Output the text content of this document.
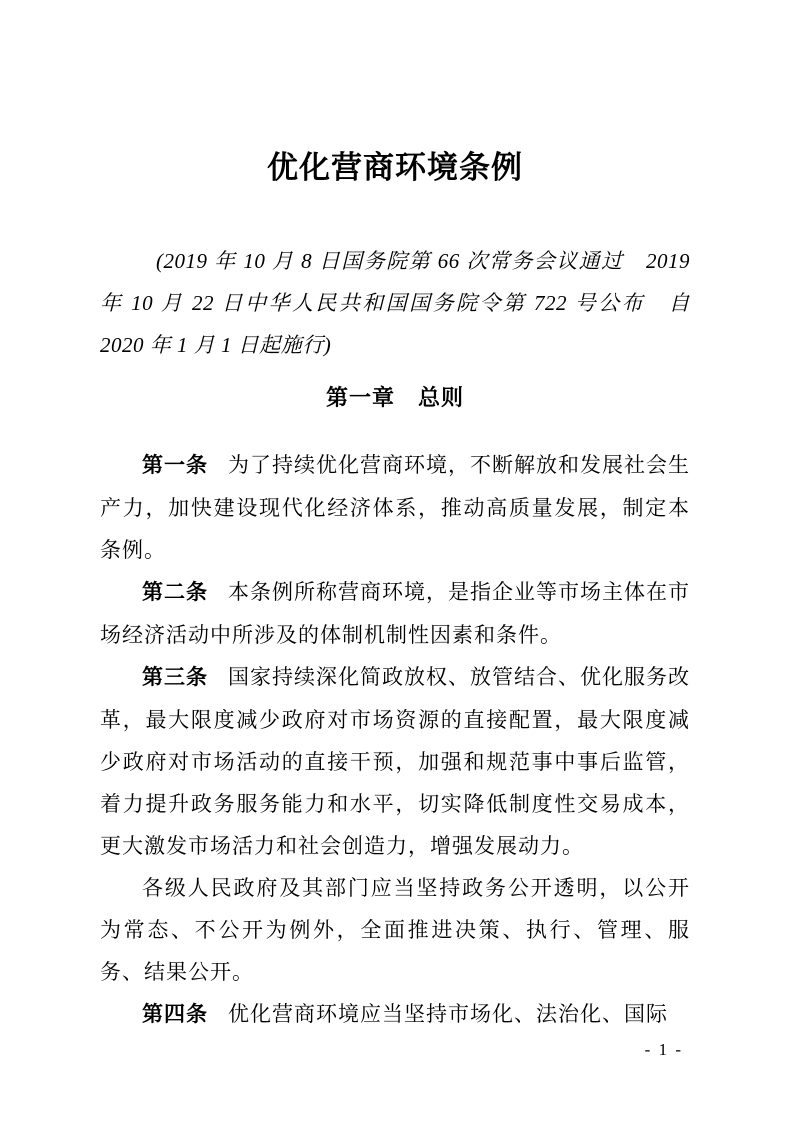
优化营商环境条例

(2019 年 10 月 8 日国务院第 66 次常务会议通过　2019 年 10 月 22 日中华人民共和国国务院令第 722 号公布　自 2020 年 1 月 1 日起施行)

第一章　总则

第一条 为了持续优化营商环境，不断解放和发展社会生产力，加快建设现代化经济体系，推动高质量发展，制定本条例。

第二条 本条例所称营商环境，是指企业等市场主体在市场经济活动中所涉及的体制机制性因素和条件。

第三条 国家持续深化简政放权、放管结合、优化服务改革，最大限度减少政府对市场资源的直接配置，最大限度减少政府对市场活动的直接干预，加强和规范事中事后监管，着力提升政务服务能力和水平，切实降低制度性交易成本，更大激发市场活力和社会创造力，增强发展动力。

各级人民政府及其部门应当坚持政务公开透明，以公开为常态、不公开为例外，全面推进决策、执行、管理、服务、结果公开。

第四条 优化营商环境应当坚持市场化、法治化、国际

- 1 -
